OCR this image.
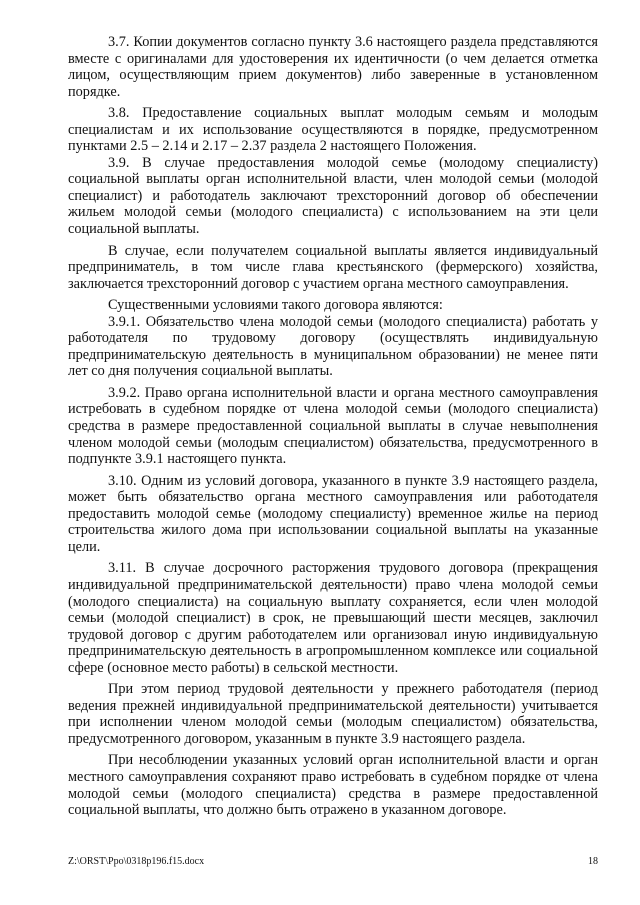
3.7. Копии документов согласно пункту 3.6 настоящего раздела представляются вместе с оригиналами для удостоверения их идентичности (о чем делается отметка лицом, осуществляющим прием документов) либо заверенные в установленном порядке.

3.8. Предоставление социальных выплат молодым семьям и молодым специалистам и их использование осуществляются в порядке, предусмотренном пунктами 2.5 – 2.14 и 2.17 – 2.37 раздела 2 настоящего Положения.

3.9. В случае предоставления молодой семье (молодому специалисту) социальной выплаты орган исполнительной власти, член молодой семьи (молодой специалист) и работодатель заключают трехсторонний договор об обеспечении жильем молодой семьи (молодого специалиста) с использованием на эти цели социальной выплаты.

В случае, если получателем социальной выплаты является индивидуальный предприниматель, в том числе глава крестьянского (фермерского) хозяйства, заключается трехсторонний договор с участием органа местного самоуправления.

Существенными условиями такого договора являются:

3.9.1. Обязательство члена молодой семьи (молодого специалиста) работать у работодателя по трудовому договору (осуществлять индивидуальную предпринимательскую деятельность в муниципальном образовании) не менее пяти лет со дня получения социальной выплаты.

3.9.2. Право органа исполнительной власти и органа местного самоуправления истребовать в судебном порядке от члена молодой семьи (молодого специалиста) средства в размере предоставленной социальной выплаты в случае невыполнения членом молодой семьи (молодым специалистом) обязательства, предусмотренного в подпункте 3.9.1 настоящего пункта.

3.10. Одним из условий договора, указанного в пункте 3.9 настоящего раздела, может быть обязательство органа местного самоуправления или работодателя предоставить молодой семье (молодому специалисту) временное жилье на период строительства жилого дома при использовании социальной выплаты на указанные цели.

3.11. В случае досрочного расторжения трудового договора (прекращения индивидуальной предпринимательской деятельности) право члена молодой семьи (молодого специалиста) на социальную выплату сохраняется, если член молодой семьи (молодой специалист) в срок, не превышающий шести месяцев, заключил трудовой договор с другим работодателем или организовал иную индивидуальную предпринимательскую деятельность в агропромышленном комплексе или социальной сфере (основное место работы) в сельской местности.

При этом период трудовой деятельности у прежнего работодателя (период ведения прежней индивидуальной предпринимательской деятельности) учитывается при исполнении членом молодой семьи (молодым специалистом) обязательства, предусмотренного договором, указанным в пункте 3.9 настоящего раздела.

При несоблюдении указанных условий орган исполнительной власти и орган местного самоуправления сохраняют право истребовать в судебном порядке от члена молодой семьи (молодого специалиста) средства в размере предоставленной социальной выплаты, что должно быть отражено в указанном договоре.

Z:\ORST\Ppo\0318p196.f15.docx	18
